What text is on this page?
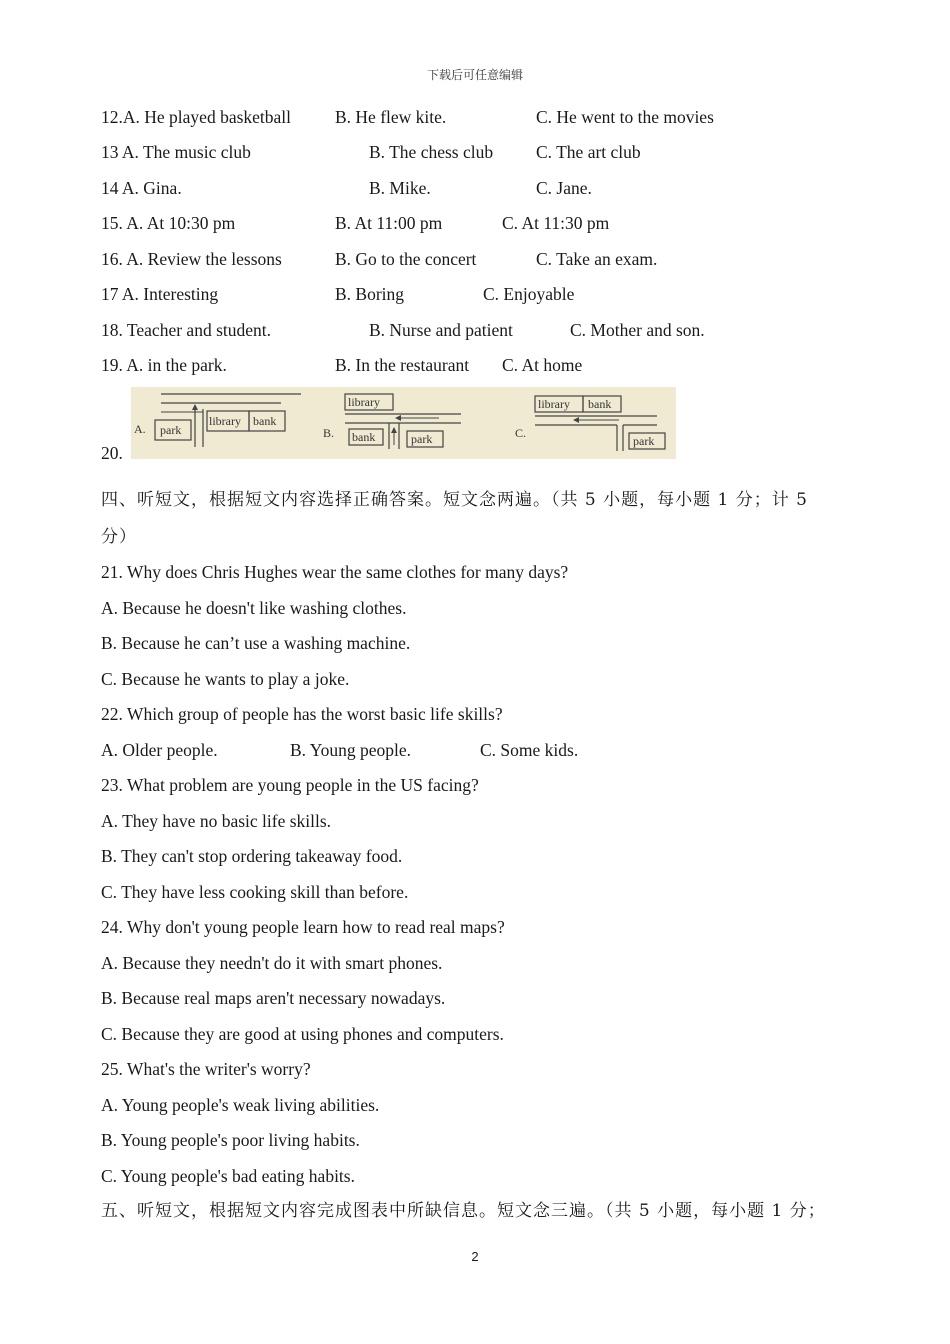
下载后可任意编辑
12.A. He played basketball	B. He flew kite.	C. He went to the movies
13 A. The music club	B. The chess club C. The art club
14 A. Gina.	B. Mike.	C. Jane.
15. A. At 10:30 pm	B. At 11:00 pm	C. At 11:30 pm
16. A. Review the lessons	B. Go to the concert	C. Take an exam.
17 A. Interesting	B. Boring	C. Enjoyable
18. Teacher and student.	B. Nurse and patient	C. Mother and son.
19. A. in the park.	B. In the restaurant C. At home
A. park
library bank
B.
library
bank	park	C.
library bank
park
20.
四、听短文，根据短文内容选择正确答案。短文念两遍。（共 5 小题，每小题 1 分；计 5
分）
21. Why does Chris Hughes wear the same clothes for many days?
A. Because he doesn't like washing clothes.
B. Because he can’t use a washing machine.
C. Because he wants to play a joke.
22. Which group of people has the worst basic life skills?
A. Older people.	B. Young people.	C. Some kids.
23. What problem are young people in the US facing?
A. They have no basic life skills.
B. They can't stop ordering takeaway food.
C. They have less cooking skill than before.
24. Why don't young people learn how to read real maps?
A. Because they needn't do it with smart phones.
B. Because real maps aren't necessary nowadays.
C. Because they are good at using phones and computers.
25. What's the writer's worry?
A. Young people's weak living abilities.
B. Young people's poor living habits.
C. Young people's bad eating habits.
五、听短文，根据短文内容完成图表中所缺信息。短文念三遍。（共 5 小题，每小题 1 分；
2
